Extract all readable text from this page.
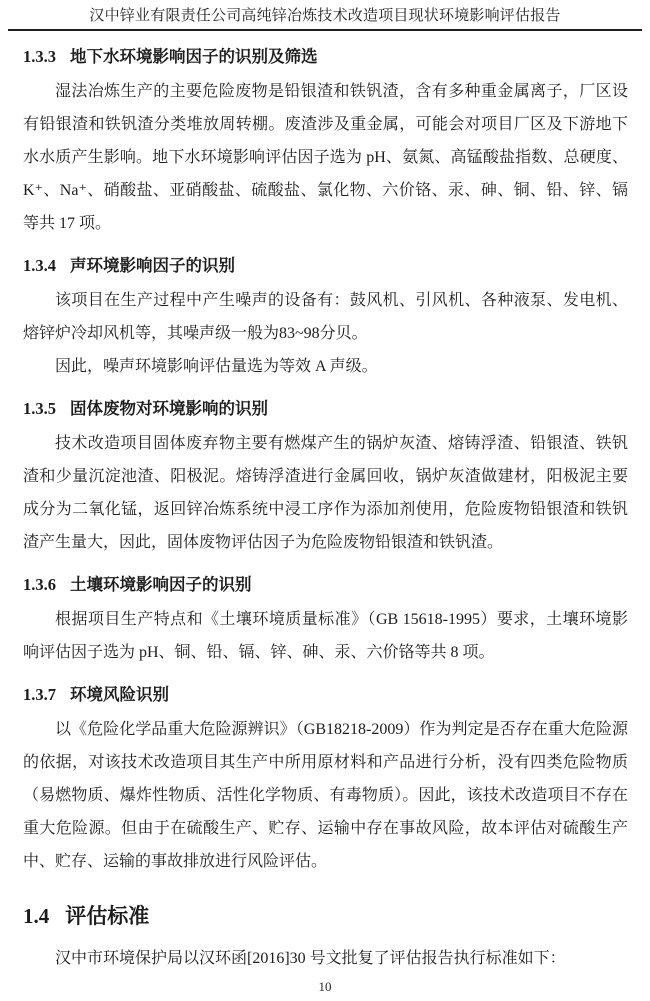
汉中锌业有限责任公司高纯锌冶炼技术改造项目现状环境影响评估报告
1.3.3 地下水环境影响因子的识别及筛选

湿法冶炼生产的主要危险废物是铅银渣和铁钒渣，含有多种重金属离子，厂区设有铅银渣和铁钒渣分类堆放周转棚。废渣涉及重金属，可能会对项目厂区及下游地下水水质产生影响。地下水环境影响评估因子选为 pH、氨氮、高锰酸盐指数、总硬度、K⁺、Na⁺、硝酸盐、亚硝酸盐、硫酸盐、氯化物、六价铬、汞、砷、铜、铅、锌、镉等共 17 项。

1.3.4 声环境影响因子的识别

该项目在生产过程中产生噪声的设备有：鼓风机、引风机、各种液泵、发电机、熔锌炉冷却风机等，其噪声级一般为83~98分贝。

因此，噪声环境影响评估量选为等效 A 声级。

1.3.5 固体废物对环境影响的识别

技术改造项目固体废弃物主要有燃煤产生的锅炉灰渣、熔铸浮渣、铅银渣、铁钒渣和少量沉淀池渣、阳极泥。熔铸浮渣进行金属回收，锅炉灰渣做建材，阳极泥主要成分为二氧化锰，返回锌冶炼系统中浸工序作为添加剂使用，危险废物铅银渣和铁钒渣产生量大，因此，固体废物评估因子为危险废物铅银渣和铁钒渣。

1.3.6 土壤环境影响因子的识别

根据项目生产特点和《土壤环境质量标准》（GB 15618-1995）要求，土壤环境影响评估因子选为 pH、铜、铅、镉、锌、砷、汞、六价铬等共 8 项。

1.3.7 环境风险识别

以《危险化学品重大危险源辨识》（GB18218-2009）作为判定是否存在重大危险源的依据，对该技术改造项目其生产中所用原材料和产品进行分析，没有四类危险物质（易燃物质、爆炸性物质、活性化学物质、有毒物质）。因此，该技术改造项目不存在重大危险源。但由于在硫酸生产、贮存、运输中存在事故风险，故本评估对硫酸生产中、贮存、运输的事故排放进行风险评估。

1.4 评估标准

汉中市环境保护局以汉环函[2016]30 号文批复了评估报告执行标准如下：

10
